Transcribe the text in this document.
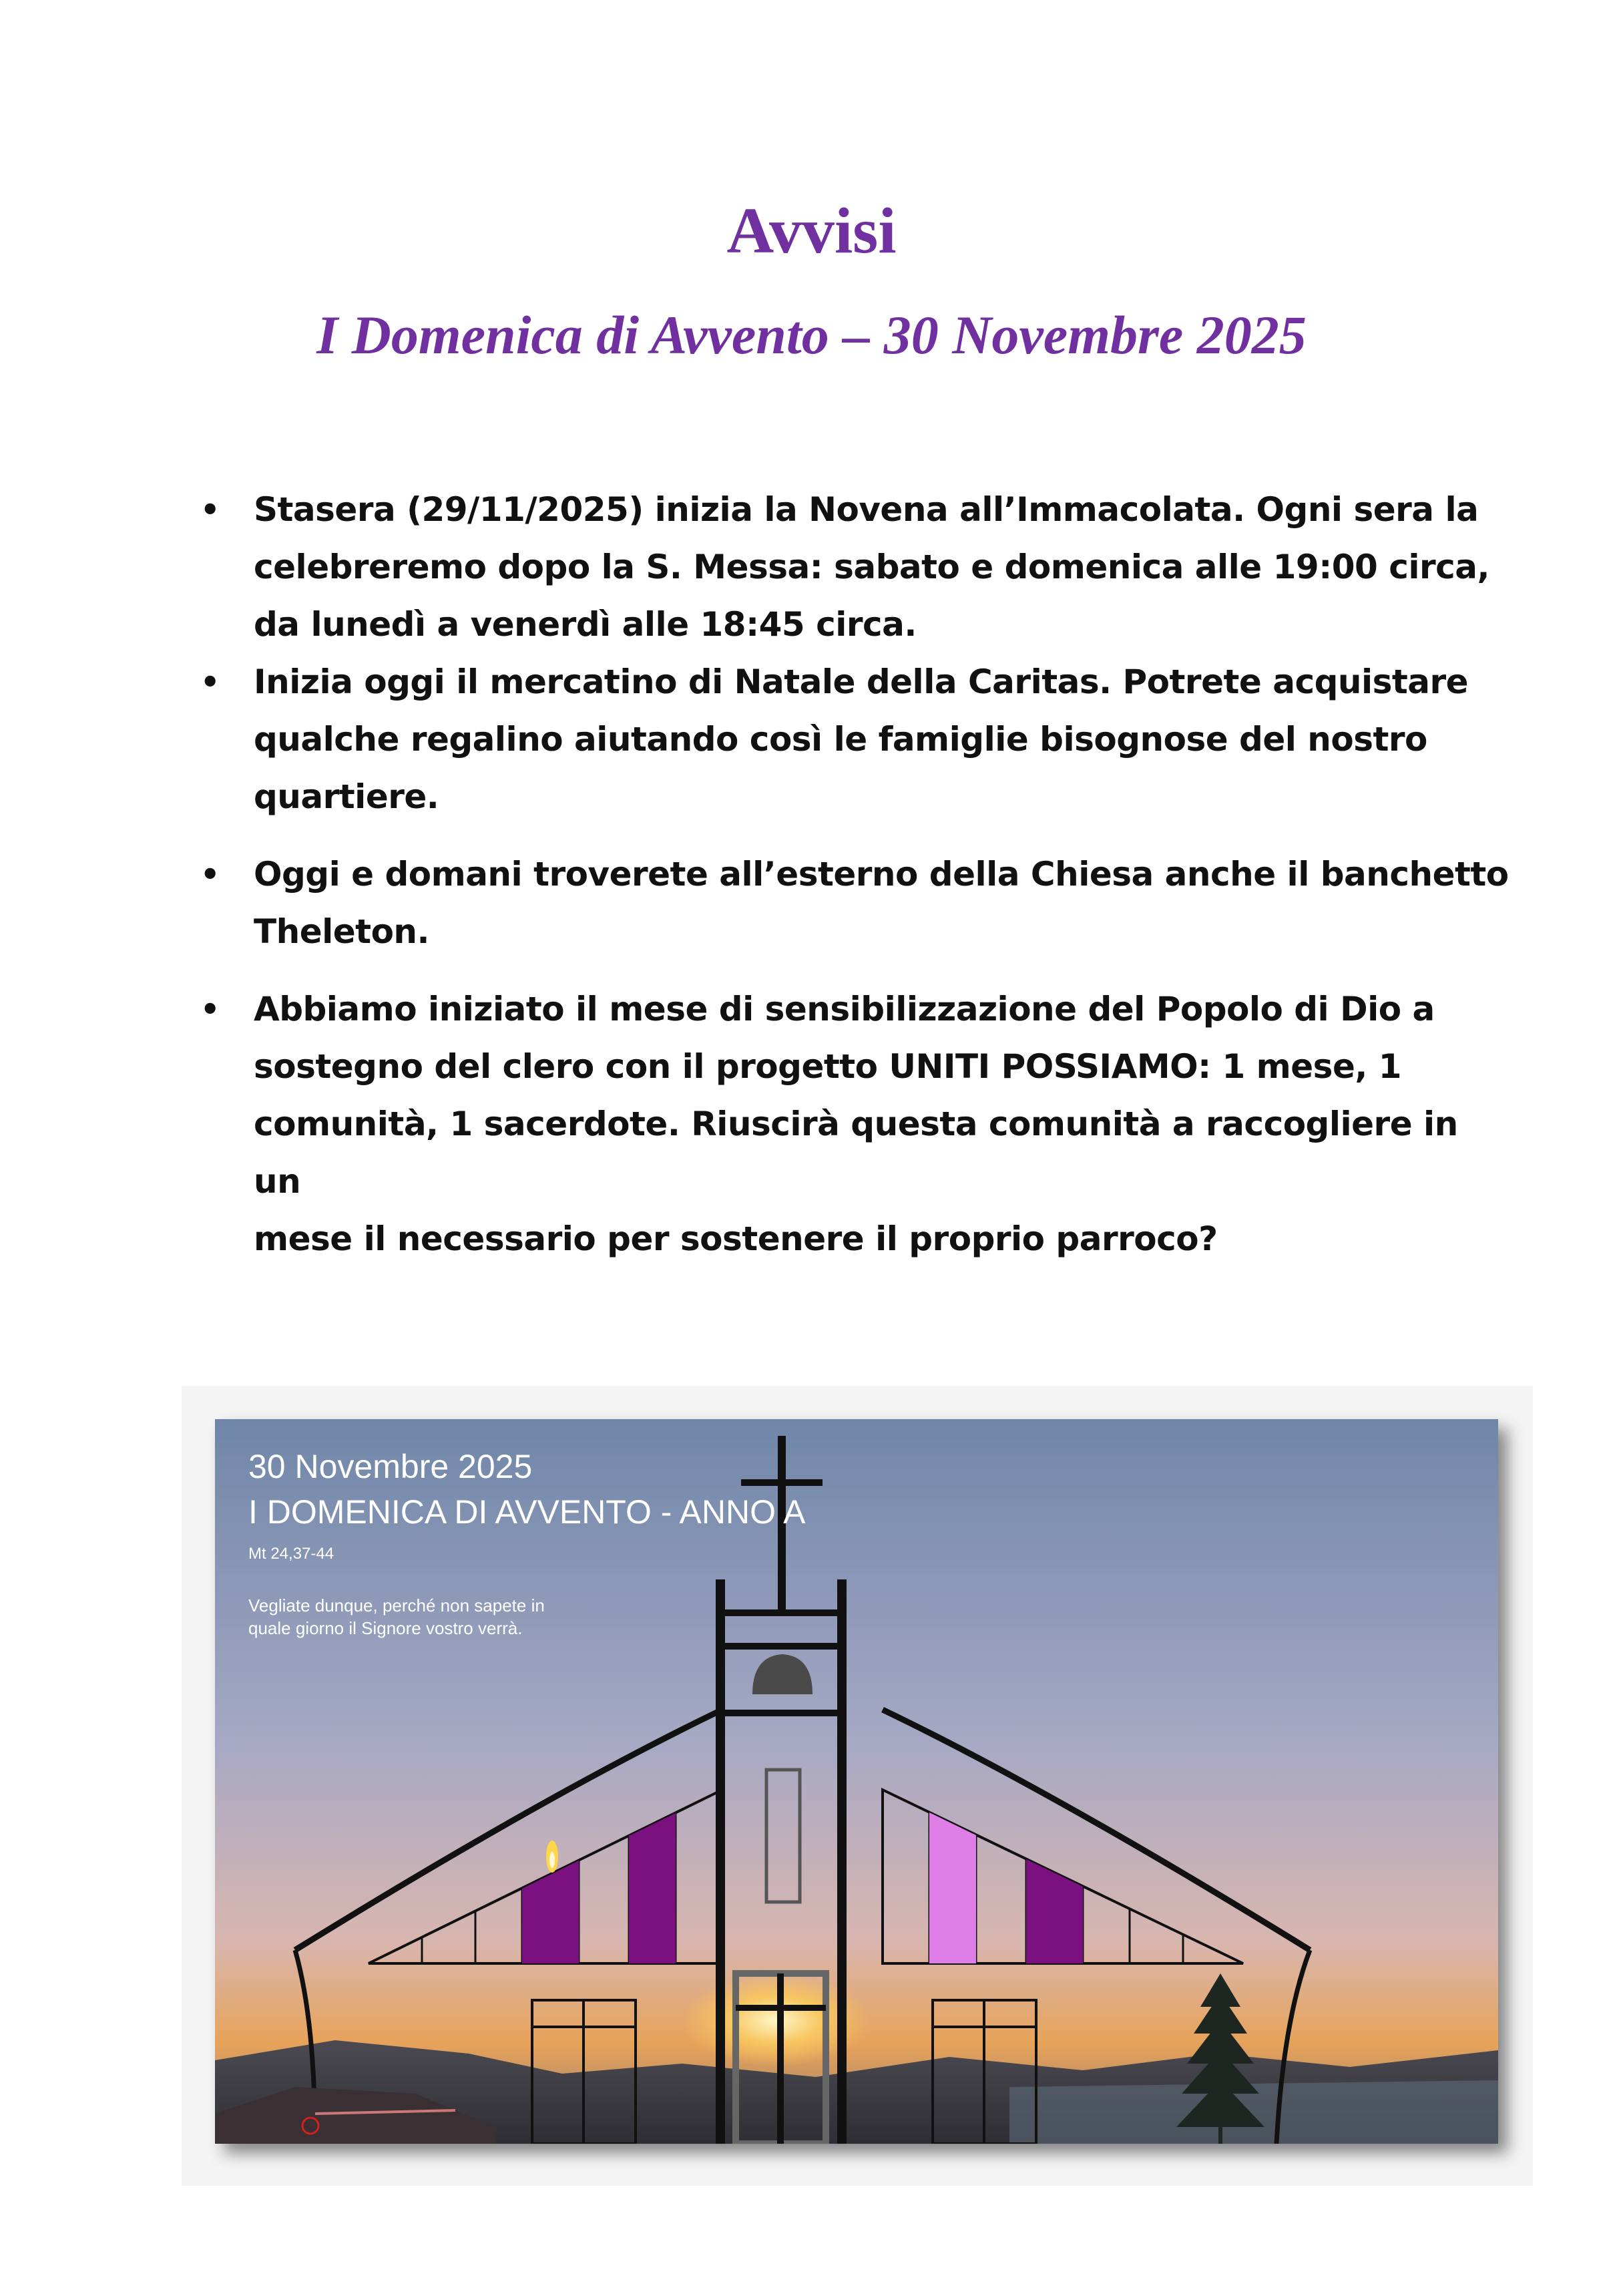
Avvisi
I Domenica di Avvento – 30 Novembre 2025
• Stasera (29/11/2025) inizia la Novena all’Immacolata. Ogni sera la
celebreremo dopo la S. Messa: sabato e domenica alle 19:00 circa,
da lunedì a venerdì alle 18:45 circa.
• Inizia oggi il mercatino di Natale della Caritas. Potrete acquistare
qualche regalino aiutando così le famiglie bisognose del nostro
quartiere.
• Oggi e domani troverete all’esterno della Chiesa anche il banchetto
Theleton.
• Abbiamo iniziato il mese di sensibilizzazione del Popolo di Dio a
sostegno del clero con il progetto UNITI POSSIAMO: 1 mese, 1
comunità, 1 sacerdote. Riuscirà questa comunità a raccogliere in un
mese il necessario per sostenere il proprio parroco?
30 Novembre 2025
I DOMENICA DI AVVENTO - ANNO A
Mt 24,37-44
Vegliate dunque, perché non sapete in
quale giorno il Signore vostro verrà.
